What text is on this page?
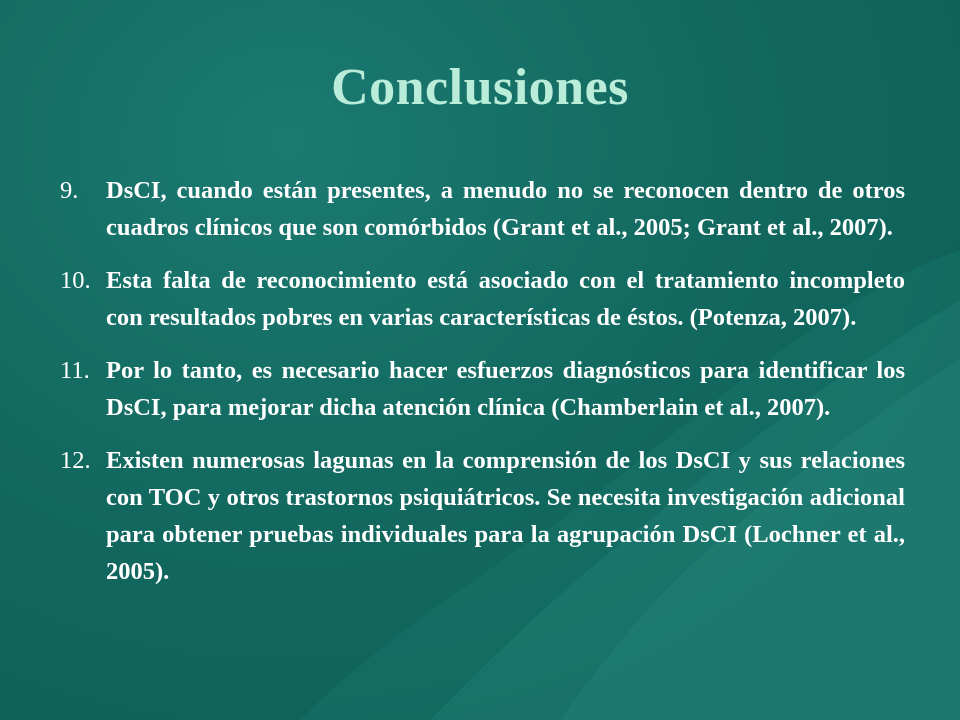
Conclusiones
9. DsCI, cuando están presentes, a menudo no se reconocen dentro de otros cuadros clínicos que son comórbidos (Grant et al., 2005; Grant et al., 2007).
10. Esta falta de reconocimiento está asociado con el tratamiento incompleto con resultados pobres en varias características de éstos. (Potenza, 2007).
11. Por lo tanto, es necesario hacer esfuerzos diagnósticos para identificar los DsCI, para mejorar dicha atención clínica (Chamberlain et al., 2007).
12. Existen numerosas lagunas en la comprensión de los DsCI y sus relaciones con TOC y otros trastornos psiquiátricos. Se necesita investigación adicional para obtener pruebas individuales para la agrupación DsCI (Lochner et al., 2005).
